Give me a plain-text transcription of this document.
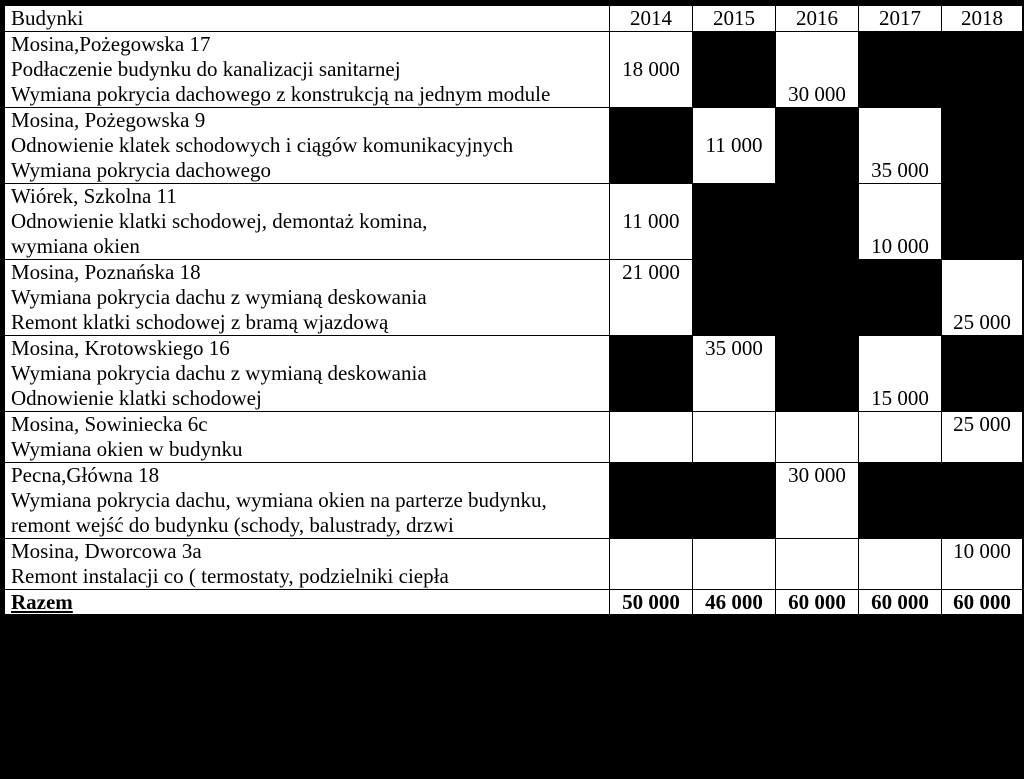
Budynki	2014	2015	2016	2017	2018

Mosina,Pożegowska 17
Podłaczenie budynku do kanalizacji sanitarnej
Wymiana pokrycia dachowego z konstrukcją na jednym module	18 000		30 000		

Mosina, Pożegowska 9
Odnowienie klatek schodowych i ciągów komunikacyjnych
Wymiana pokrycia dachowego		11 000		35 000	

Wiórek, Szkolna 11
Odnowienie klatki schodowej, demontaż komina,
wymiana okien	11 000			10 000	

Mosina, Poznańska 18
Wymiana pokrycia dachu z wymianą deskowania
Remont klatki schodowej z bramą wjazdową	21 000				25 000

Mosina, Krotowskiego 16
Wymiana pokrycia dachu z wymianą deskowania
Odnowienie klatki schodowej		35 000		15 000	

Mosina, Sowiniecka 6c
Wymiana okien w budynku					25 000

Pecna,Główna 18
Wymiana pokrycia dachu, wymiana okien na parterze budynku,
remont wejść do budynku (schody, balustrady, drzwi			30 000		

Mosina, Dworcowa 3a
Remont instalacji co ( termostaty, podzielniki ciepła					10 000

Razem	50 000	46 000	60 000	60 000	60 000
